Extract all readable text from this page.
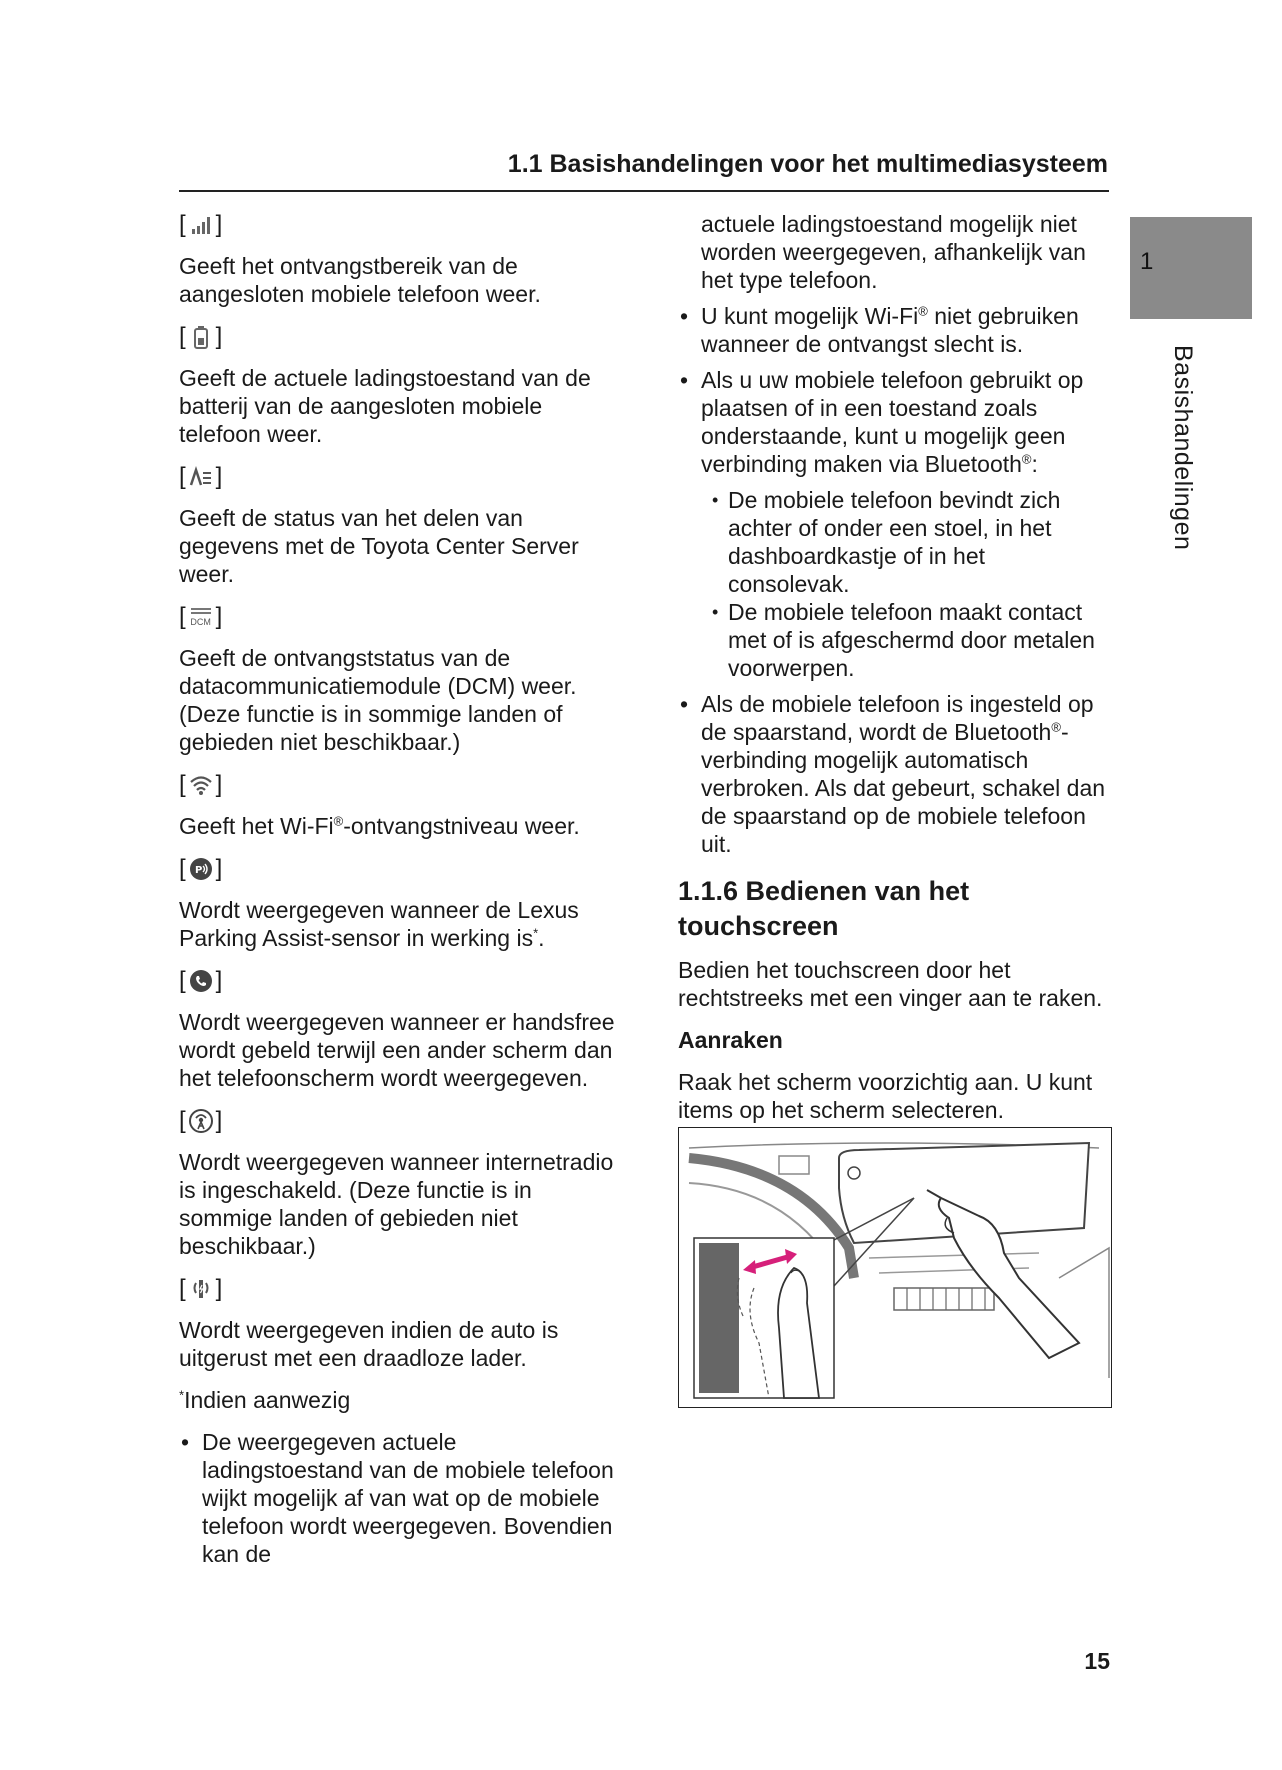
1.1 Basishandelingen voor het multimediasysteem
1
Basishandelingen
[ ]

Geeft het ontvangstbereik van de aangesloten mobiele telefoon weer.

[ ]

Geeft de actuele ladingstoestand van de batterij van de aangesloten mobiele telefoon weer.

[ ]

Geeft de status van het delen van gegevens met de Toyota Center Server weer.

[ DCM ]

Geeft de ontvangststatus van de datacommunicatiemodule (DCM) weer. (Deze functie is in sommige landen of gebieden niet beschikbaar.)

[ ]

Geeft het Wi-Fi®-ontvangstniveau weer.

[ P ]

Wordt weergegeven wanneer de Lexus Parking Assist-sensor in werking is*.

[ ]

Wordt weergegeven wanneer er handsfree wordt gebeld terwijl een ander scherm dan het telefoonscherm wordt weergegeven.

[ ]

Wordt weergegeven wanneer internetradio is ingeschakeld. (Deze functie is in sommige landen of gebieden niet beschikbaar.)

[ ]

Wordt weergegeven indien de auto is uitgerust met een draadloze lader.

*Indien aanwezig

• De weergegeven actuele ladingstoestand van de mobiele telefoon wijkt mogelijk af van wat op de mobiele telefoon wordt weergegeven. Bovendien kan de

actuele ladingstoestand mogelijk niet worden weergegeven, afhankelijk van het type telefoon.

• U kunt mogelijk Wi-Fi® niet gebruiken wanneer de ontvangst slecht is.

• Als u uw mobiele telefoon gebruikt op plaatsen of in een toestand zoals onderstaande, kunt u mogelijk geen verbinding maken via Bluetooth®:

• De mobiele telefoon bevindt zich achter of onder een stoel, in het dashboardkastje of in het consolevak.

• De mobiele telefoon maakt contact met of is afgeschermd door metalen voorwerpen.

• Als de mobiele telefoon is ingesteld op de spaarstand, wordt de Bluetooth®-verbinding mogelijk automatisch verbroken. Als dat gebeurt, schakel dan de spaarstand op de mobiele telefoon uit.

1.1.6 Bedienen van het
touchscreen

Bedien het touchscreen door het rechtstreeks met een vinger aan te raken.

Aanraken

Raak het scherm voorzichtig aan. U kunt items op het scherm selecteren.

15
